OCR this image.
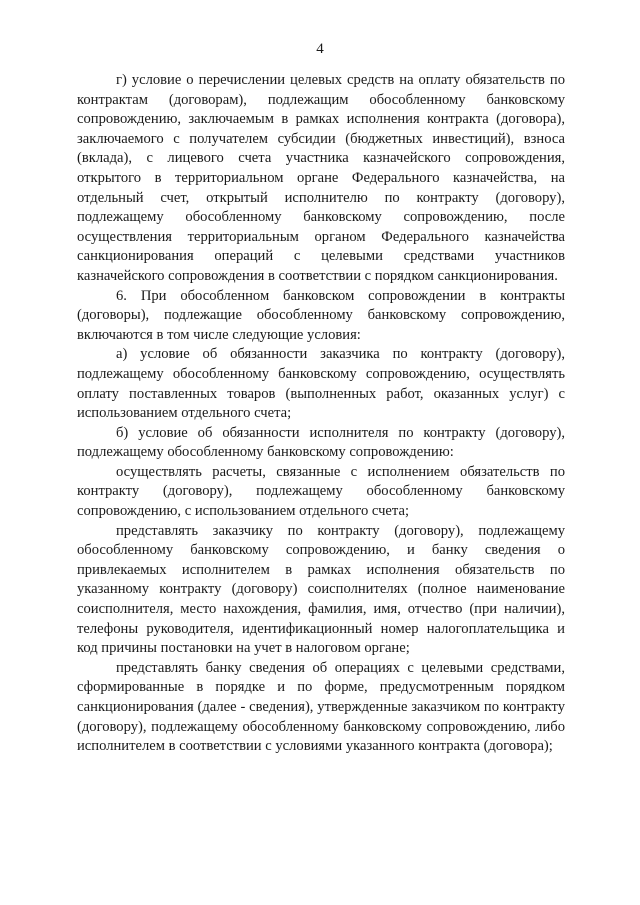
4

г) условие о перечислении целевых средств на оплату обязательств по контрактам (договорам), подлежащим обособленному банковскому сопровождению, заключаемым в рамках исполнения контракта (договора), заключаемого с получателем субсидии (бюджетных инвестиций), взноса (вклада), с лицевого счета участника казначейского сопровождения, открытого в территориальном органе Федерального казначейства, на отдельный счет, открытый исполнителю по контракту (договору), подлежащему обособленному банковскому сопровождению, после осуществления территориальным органом Федерального казначейства санкционирования операций с целевыми средствами участников казначейского сопровождения в соответствии с порядком санкционирования.

6. При обособленном банковском сопровождении в контракты (договоры), подлежащие обособленному банковскому сопровождению, включаются в том числе следующие условия:

а) условие об обязанности заказчика по контракту (договору), подлежащему обособленному банковскому сопровождению, осуществлять оплату поставленных товаров (выполненных работ, оказанных услуг) с использованием отдельного счета;

б) условие об обязанности исполнителя по контракту (договору), подлежащему обособленному банковскому сопровождению:

осуществлять расчеты, связанные с исполнением обязательств по контракту (договору), подлежащему обособленному банковскому сопровождению, с использованием отдельного счета;

представлять заказчику по контракту (договору), подлежащему обособленному банковскому сопровождению, и банку сведения о привлекаемых исполнителем в рамках исполнения обязательств по указанному контракту (договору) соисполнителях (полное наименование соисполнителя, место нахождения, фамилия, имя, отчество (при наличии), телефоны руководителя, идентификационный номер налогоплательщика и код причины постановки на учет в налоговом органе;

представлять банку сведения об операциях с целевыми средствами, сформированные в порядке и по форме, предусмотренным порядком санкционирования (далее - сведения), утвержденные заказчиком по контракту (договору), подлежащему обособленному банковскому сопровождению, либо исполнителем в соответствии с условиями указанного контракта (договора);
